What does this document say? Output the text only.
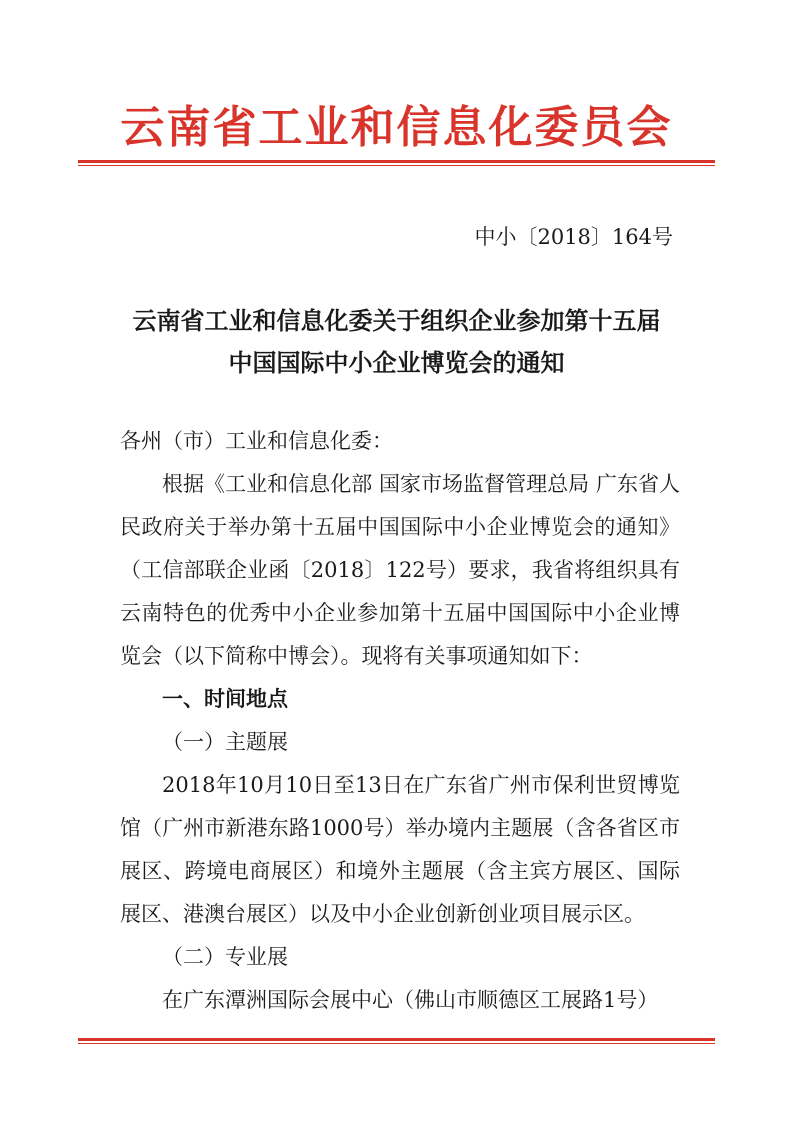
云南省工业和信息化委员会
中小〔2018〕164号
云南省工业和信息化委关于组织企业参加第十五届
中国国际中小企业博览会的通知

各州（市）工业和信息化委：

根据《工业和信息化部 国家市场监督管理总局 广东省人民政府关于举办第十五届中国国际中小企业博览会的通知》（工信部联企业函〔2018〕122号）要求，我省将组织具有云南特色的优秀中小企业参加第十五届中国国际中小企业博览会（以下简称中博会）。现将有关事项通知如下：

一、时间地点

（一）主题展

2018年10月10日至13日在广东省广州市保利世贸博览馆（广州市新港东路1000号）举办境内主题展（含各省区市展区、跨境电商展区）和境外主题展（含主宾方展区、国际展区、港澳台展区）以及中小企业创新创业项目展示区。

（二）专业展

在广东潭洲国际会展中心（佛山市顺德区工展路1号）
